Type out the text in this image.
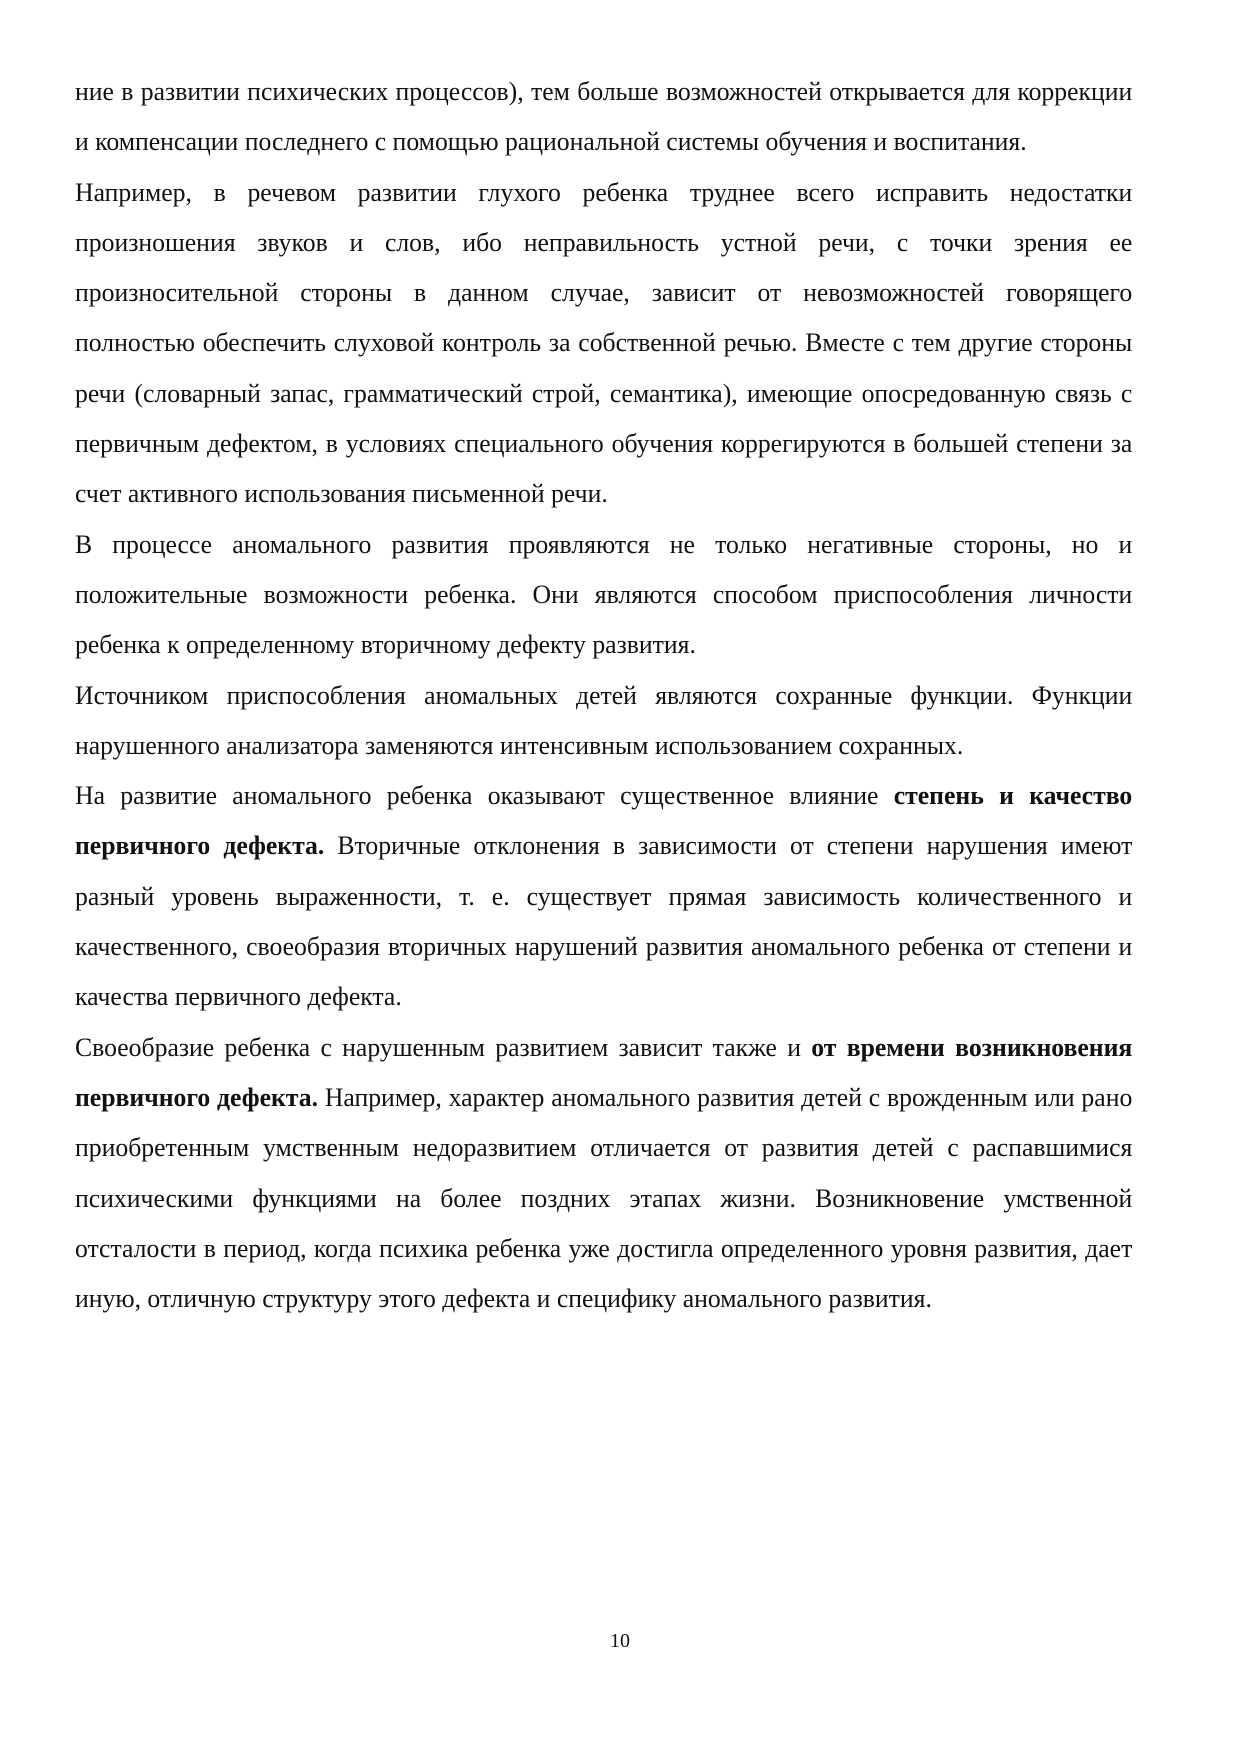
ние в развитии психических процессов), тем больше возможностей открывается для коррекции и компенсации последнего с помощью рациональной системы обучения и воспитания.

Например, в речевом развитии глухого ребенка труднее всего исправить недостатки произношения звуков и слов, ибо неправильность устной речи, с точки зрения ее произносительной стороны в данном случае, зависит от невозможностей говорящего полностью обеспечить слуховой контроль за собственной речью. Вместе с тем другие стороны речи (словарный запас, грамматический строй, семантика), имеющие опосредованную связь с первичным дефектом, в условиях специального обучения коррегируются в большей степени за счет активного использования письменной речи.

В процессе аномального развития проявляются не только негативные стороны, но и положительные возможности ребенка. Они являются способом приспособления личности ребенка к определенному вторичному дефекту развития.

Источником приспособления аномальных детей являются сохранные функции. Функции нарушенного анализатора заменяются интенсивным использованием сохранных.

На развитие аномального ребенка оказывают существенное влияние степень и качество первичного дефекта. Вторичные отклонения в зависимости от степени нарушения имеют разный уровень выраженности, т. е. существует прямая зависимость количественного и качественного, своеобразия вторичных нарушений развития аномального ребенка от степени и качества первичного дефекта.

Своеобразие ребенка с нарушенным развитием зависит также и от времени возникновения первичного дефекта. Например, характер аномального развития детей с врожденным или рано приобретенным умственным недоразвитием отличается от развития детей с распавшимися психическими функциями на более поздних этапах жизни. Возникновение умственной отсталости в период, когда психика ребенка уже достигла определенного уровня развития, дает иную, отличную структуру этого дефекта и специфику аномального развития.

10
